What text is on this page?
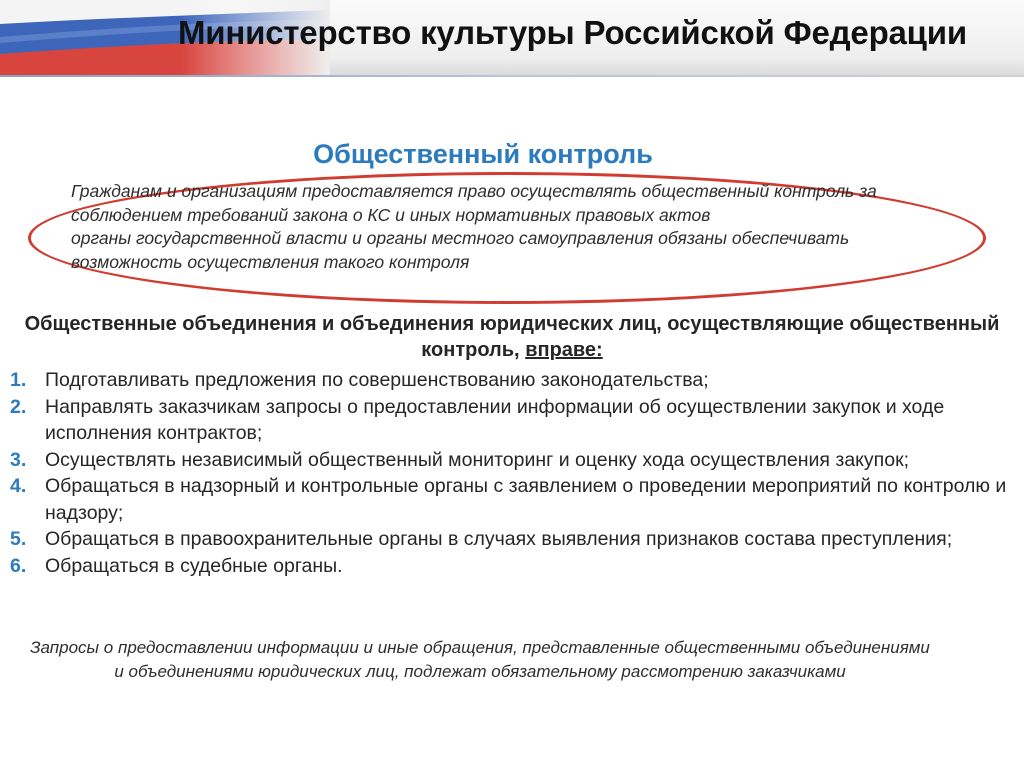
Министерство культуры Российской Федерации
Общественный контроль

Гражданам и организациям предоставляется право осуществлять общественный контроль за соблюдением требований закона о КС и иных нормативных правовых актов

органы государственной власти и органы местного самоуправления обязаны обеспечивать возможность осуществления такого контроля

Общественные объединения и объединения юридических лиц, осуществляющие общественный контроль, вправе:
1. Подготавливать предложения по совершенствованию законодательства;
2. Направлять заказчикам запросы о предоставлении информации об осуществлении закупок и ходе исполнения контрактов;
3. Осуществлять независимый общественный мониторинг и оценку хода осуществления закупок;
4. Обращаться в надзорный и контрольные органы с заявлением о проведении мероприятий по контролю и надзору;
5. Обращаться в правоохранительные органы в случаях выявления признаков состава преступления;
6. Обращаться в судебные органы.
Запросы о предоставлении информации и иные обращения, представленные общественными объединениями и объединениями юридических лиц, подлежат обязательному рассмотрению заказчиками
